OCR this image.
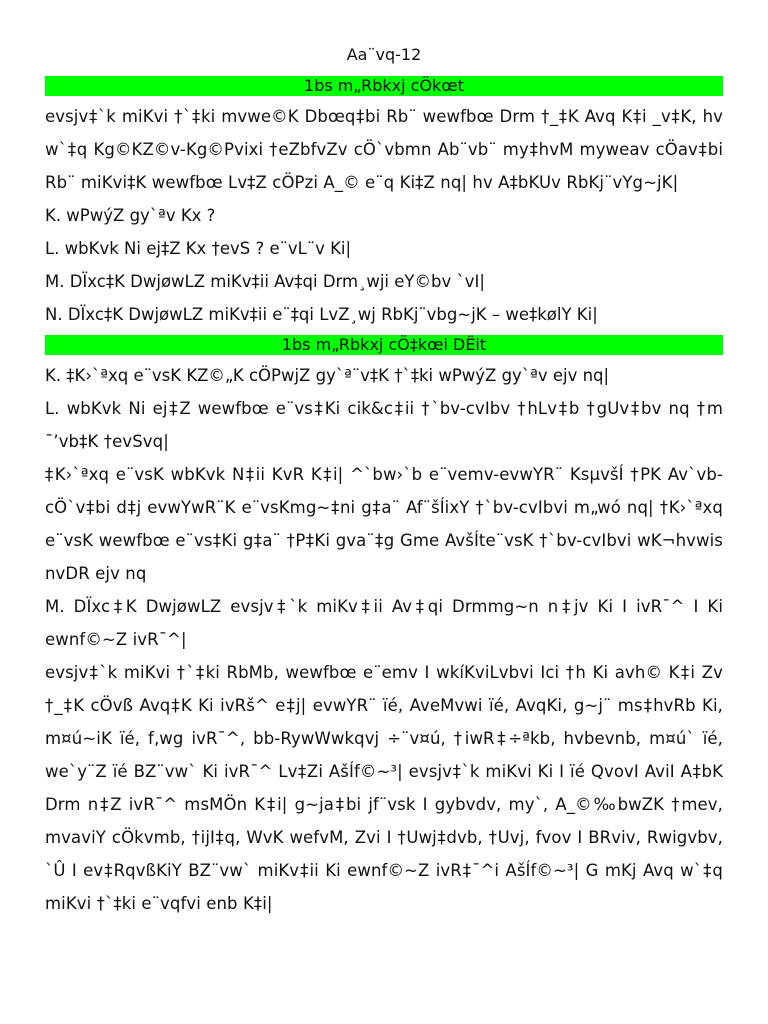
Aa¨vq-12
1bs m„Rbkxj cÖkœt

evsjv‡`k miKvi †`‡ki mvwe©K Dbœq‡bi Rb¨ wewfbœ Drm †_‡K Avq K‡i _v‡K, hv w`‡q Kg©KZ©v-Kg©Pvixi †eZbfvZv cÖ`vbmn Ab¨vb¨ my‡hvM myweav cÖav‡bi Rb¨ miKvi‡K wewfbœ Lv‡Z cÖPzi A_© e¨q Ki‡Z nq| hv A‡bKUv RbKj¨vYg~jK|

K. wPwýZ gy`ªv Kx ?

L. wbKvk Ni ej‡Z Kx †evS ? e¨vL¨v Ki|

M. DÏxc‡K DwjøwLZ miKv‡ii Av‡qi Drm¸wji eY©bv `vI|

N. DÏxc‡K DwjøwLZ miKv‡ii e¨‡qi LvZ¸wj RbKj¨vbg~jK – we‡kølY Ki|

1bs m„Rbkxj cÖ‡kœi DËit

K. ‡K›`ªxq e¨vsK KZ©„K cÖPwjZ gy`ª¨v‡K †`‡ki wPwýZ gy`ªv ejv nq|

L. wbKvk Ni ej‡Z wewfbœ e¨vs‡Ki cik&c‡ii †`bv-cvIbv †hLv‡b †gUv‡bv nq †m ¯’vb‡K †evSvq|

‡K›`ªxq e¨vsK wbKvk N‡ii KvR K‡i| ^`bw›`b e¨vemv-evwYR¨ KsµvšÍ †PK Av`vb-cÖ`v‡bi d‡j evwYwR¨K e¨vsKmg~‡ni g‡a¨ Af¨šÍixY †`bv-cvIbvi m„wó nq| †K›`ªxq e¨vsK wewfbœ e¨vs‡Ki g‡a¨ †P‡Ki gva¨‡g Gme AvšÍte¨vsK †`bv-cvIbvi wK¬hvwis nvDR ejv nq

M. DÏxc‡K DwjøwLZ evsjv‡`k miKv‡ii Av‡qi Drmmg~n n‡jv Ki I ivR¯^ I Ki ewnf©~Z ivR¯^|

evsjv‡`k miKvi †`‡ki RbMb, wewfbœ e¨emv I wkíKviLvbvi Ici †h Ki avh© K‡i Zv †_‡K cÖvß Avq‡K Ki ivRš^ e‡j| evwYR¨ ïé, AveMvwi ïé, AvqKi, g~j¨ ms‡hvRb Ki, m¤ú~iK ïé, f‚wg ivR¯^, bb-RywWwkqvj ÷¨v¤ú, †iwR‡÷ªkb, hvbevnb, m¤ú` ïé, we`y¨Z ïé BZ¨vw` Ki ivR¯^ Lv‡Zi AšÍf©~³| evsjv‡`k miKvi Ki I ïé QvovI AviI A‡bK Drm n‡Z ivR¯^ msMÖn K‡i| g~ja‡bi jf¨vsk I gybvdv, my`, A_©‰bwZK †mev, mvaviY cÖkvmb, †ijI‡q, WvK wefvM, Zvi I †Uwj‡dvb, †Uvj, fvov I BRviv, Rwigvbv, `Û I ev‡RqvßKiY BZ¨vw` miKv‡ii Ki ewnf©~Z ivR‡¯^i AšÍf©~³| G mKj Avq w`‡q miKvi †`‡ki e¨vqfvi enb K‡i|
